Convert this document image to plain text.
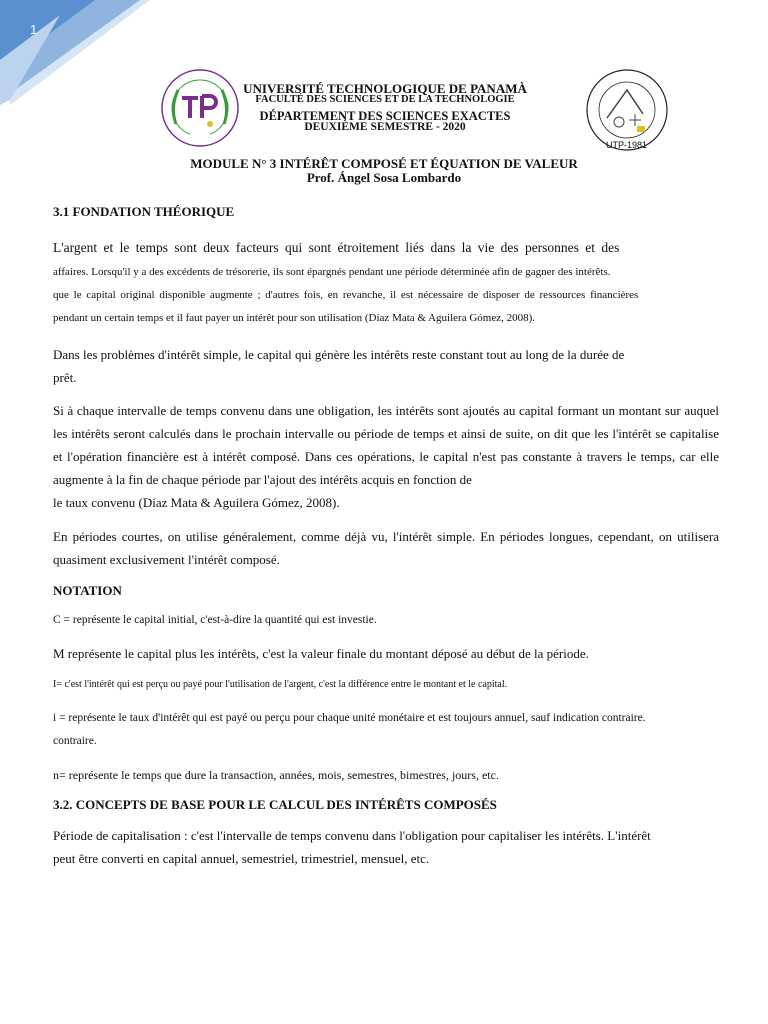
1
UNIVERSITÉ TECHNOLOGIQUE DE PANAMÀ
FACULTÉ DES SCIENCES ET DE LA TECHNOLOGIE
DÉPARTEMENT DES SCIENCES EXACTES
DEUXIÈME SEMESTRE - 2020
UTP-1981
MODULE N° 3 INTÉRÊT COMPOSÉ ET ÉQUATION DE VALEUR
Prof. Ángel Sosa Lombardo

3.1 FONDATION THÉORIQUE

L'argent et le temps sont deux facteurs qui sont étroitement liés dans la vie des personnes et des

affaires. Lorsqu'il y a des excédents de trésorerie, ils sont épargnés pendant une période déterminée afin de gagner des intérêts.

que le capital original disponible augmente ; d'autres fois, en revanche, il est nécessaire de disposer de ressources financières

pendant un certain temps et il faut payer un intérêt pour son utilisation (Díaz Mata & Aguilera Gómez, 2008).

Dans les problèmes d'intérêt simple, le capital qui génère les intérêts reste constant tout au long de la durée de

prêt.

Si à chaque intervalle de temps convenu dans une obligation, les intérêts sont ajoutés au capital formant un montant sur auquel les intérêts seront calculés dans le prochain intervalle ou période de temps et ainsi de suite, on dit que les l'intérêt se capitalise et l'opération financière est à intérêt composé. Dans ces opérations, le capital n'est pas constante à travers le temps, car elle augmente à la fin de chaque période par l'ajout des intérêts acquis en fonction de

le taux convenu (Díaz Mata & Aguilera Gómez, 2008).

En périodes courtes, on utilise généralement, comme déjà vu, l'intérêt simple. En périodes longues, cependant, on utilisera quasiment exclusivement l'intérêt composé.

NOTATION

C = représente le capital initial, c'est-à-dire la quantité qui est investie.

M représente le capital plus les intérêts, c'est la valeur finale du montant déposé au début de la période.

I= c'est l'intérêt qui est perçu ou payé pour l'utilisation de l'argent, c'est la différence entre le montant et le capital.

i = représente le taux d'intérêt qui est payé ou perçu pour chaque unité monétaire et est toujours annuel, sauf indication contraire.

contraire.

n= représente le temps que dure la transaction, années, mois, semestres, bimestres, jours, etc.

3.2. CONCEPTS DE BASE POUR LE CALCUL DES INTÉRÊTS COMPOSÉS

Période de capitalisation : c'est l'intervalle de temps convenu dans l'obligation pour capitaliser les intérêts. L'intérêt

peut être converti en capital annuel, semestriel, trimestriel, mensuel, etc.
